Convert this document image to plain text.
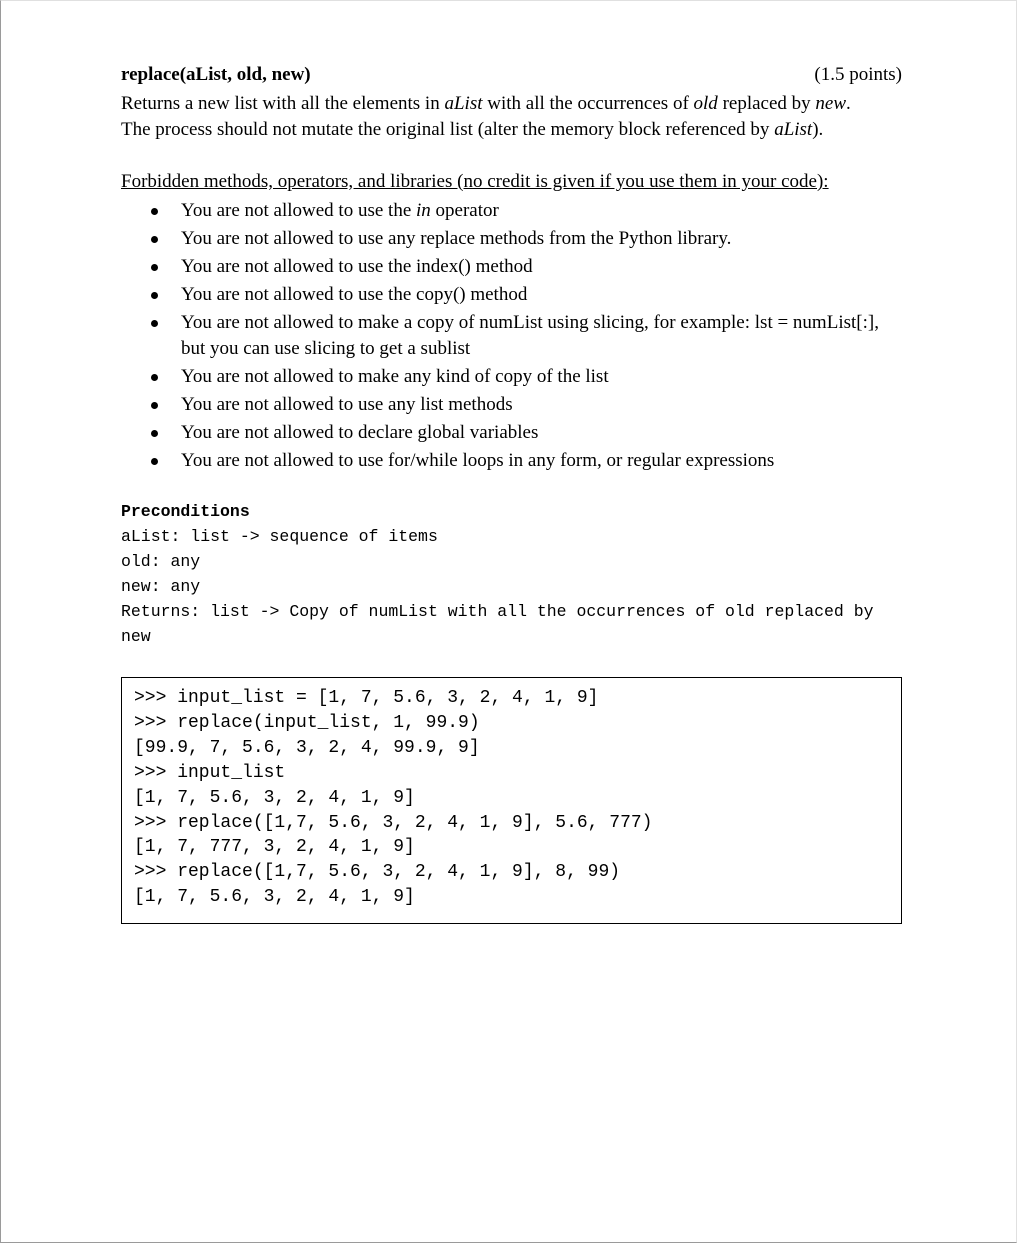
replace(aList, old, new)	(1.5 points)
Returns a new list with all the elements in aList with all the occurrences of old replaced by new.
The process should not mutate the original list (alter the memory block referenced by aList).
Forbidden methods, operators, and libraries (no credit is given if you use them in your code):
You are not allowed to use the in operator
You are not allowed to use any replace methods from the Python library.
You are not allowed to use the index() method
You are not allowed to use the copy() method
You are not allowed to make a copy of numList using slicing, for example: lst = numList[:],
but you can use slicing to get a sublist
You are not allowed to make any kind of copy of the list
You are not allowed to use any list methods
You are not allowed to declare global variables
You are not allowed to use for/while loops in any form, or regular expressions
Preconditions
aList: list -> sequence of items
old: any
new: any
Returns: list -> Copy of numList with all the occurrences of old replaced by
new
>>> input_list = [1, 7, 5.6, 3, 2, 4, 1, 9]
>>> replace(input_list, 1, 99.9)
[99.9, 7, 5.6, 3, 2, 4, 99.9, 9]
>>> input_list
[1, 7, 5.6, 3, 2, 4, 1, 9]
>>> replace([1,7, 5.6, 3, 2, 4, 1, 9], 5.6, 777)
[1, 7, 777, 3, 2, 4, 1, 9]
>>> replace([1,7, 5.6, 3, 2, 4, 1, 9], 8, 99)
[1, 7, 5.6, 3, 2, 4, 1, 9]
